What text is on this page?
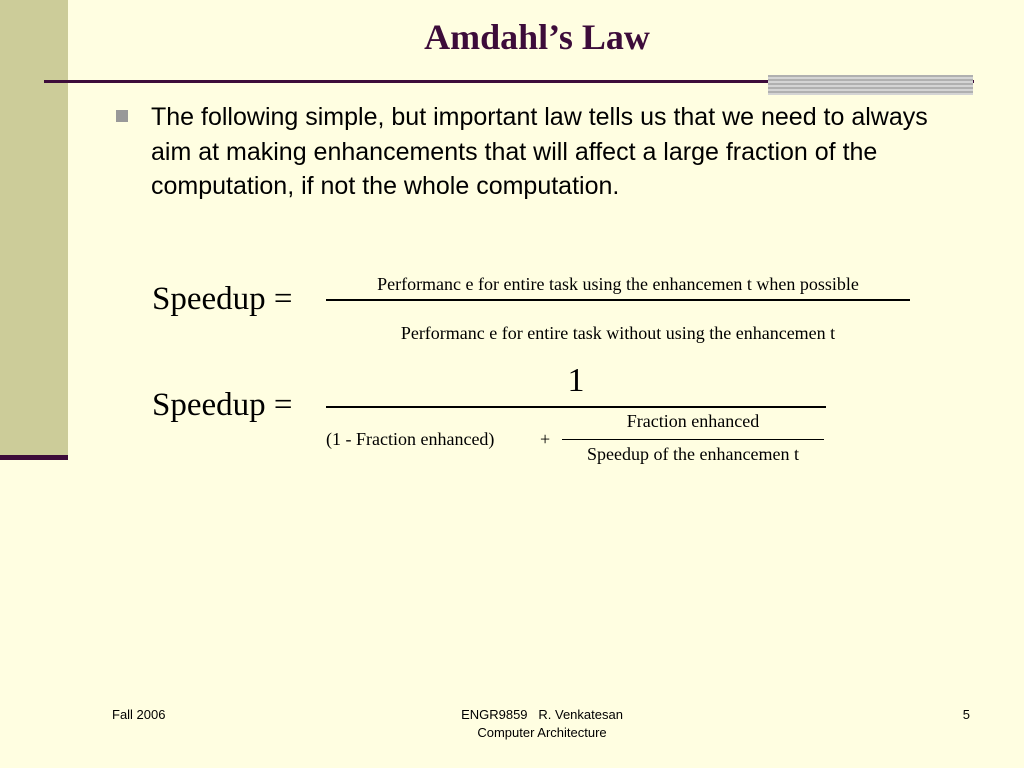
Amdahl’s Law
The following simple, but important law tells us that we need to always aim at making enhancements that will affect a large fraction of the computation, if not the whole computation.
Speedup =	Performanc e for entire task using the enhancemen t when possible
Performanc e for entire task without using the enhancemen t
Speedup =
1
(1 - Fraction enhanced)	+
Fraction enhanced
Speedup of the enhancemen t
Fall 2006	ENGR9859   R. Venkatesan
Computer Architecture
5
